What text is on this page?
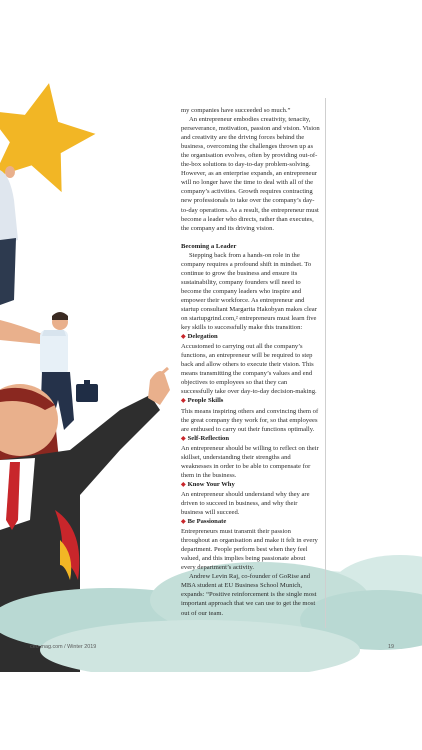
my companies have succeeded so much.”

An entrepreneur embodies creativity, tenacity, perseverance, motivation, passion and vision. Vision and creativity are the driving forces behind the business, overcoming the challenges thrown up as the organisation evolves, often by providing out-of-the-box solutions to day-to-day problem-solving. However, as an enterprise expands, an entrepreneur will no longer have the time to deal with all of the company’s activities. Growth requires contracting new professionals to take over the company’s day-to-day operations. As a result, the entrepreneur must become a leader who directs, rather than executes, the company and its driving vision.

Becoming a Leader

Stepping back from a hands-on role in the company requires a profound shift in mindset. To continue to grow the business and ensure its sustainability, company founders will need to become the company leaders who inspire and empower their workforce. As entrepreneur and startup consultant Margarita Hakobyan makes clear on startupgrind.com,² entrepreneurs must learn five key skills to successfully make this transition:

◆ Delegation

Accustomed to carrying out all the company’s functions, an entrepreneur will be required to step back and allow others to execute their vision. This means transmitting the company’s values and end objectives to employees so that they can successfully take over day-to-day decision-making.

◆ People Skills

This means inspiring others and convincing them of the great company they work for, so that employees are enthused to carry out their functions optimally.

◆ Self-Reflection

An entrepreneur should be willing to reflect on their skillset, understanding their strengths and weaknesses in order to be able to compensate for them in the business.

◆ Know Your Why

An entrepreneur should understand why they are driven to succeed in business, and why their business will succeed.

◆ Be Passionate

Entrepreneurs must transmit their passion throughout an organisation and make it felt in every department. People perform best when they feel valued, and this implies being passionate about every department’s activity.

Andrew Levin Raj, co-founder of GoRise and MBA student at EU Business School Munich, expands: “Positive reinforcement is the single most important approach that we can use to get the most out of our team.

ceo-mag.com / Winter 2019	19
